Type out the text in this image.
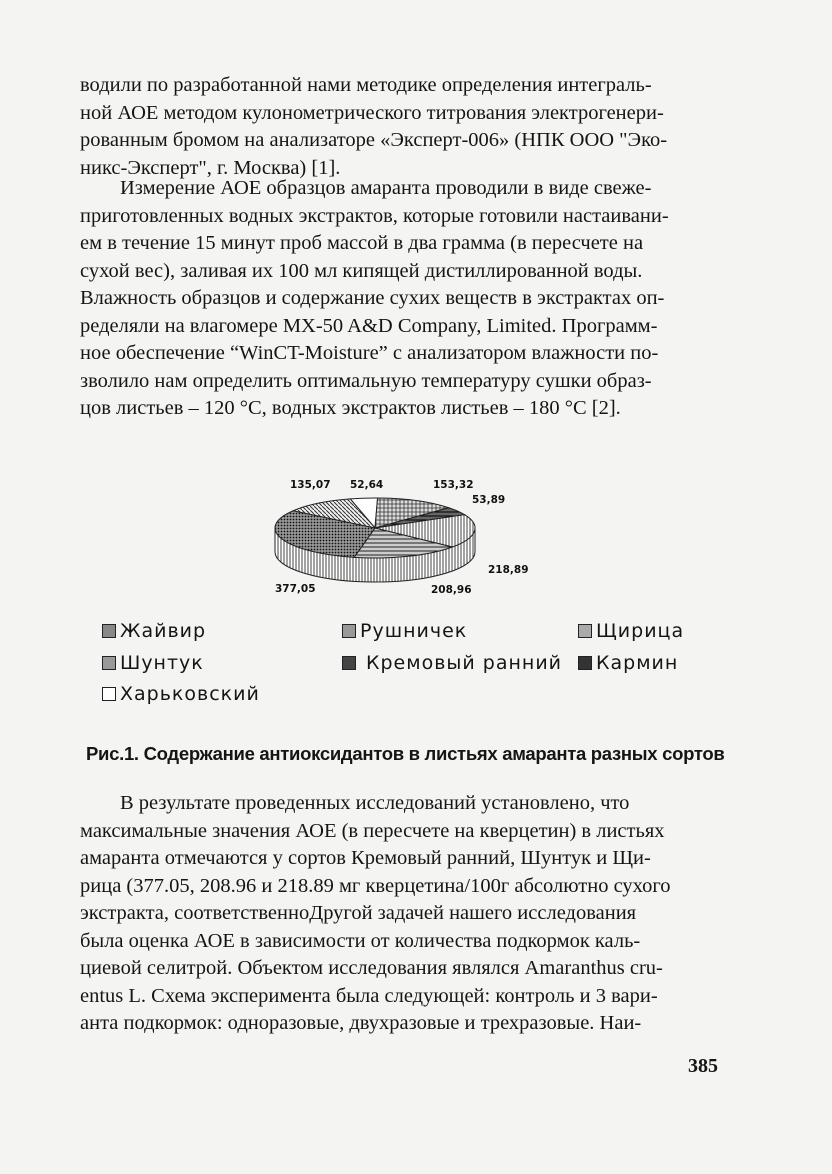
водили по разработанной нами методике определения интеграль-
ной АОЕ методом кулонометрического титрования электрогенери-
рованным бромом на анализаторе «Эксперт-006» (НПК ООО "Эко-
никс-Эксперт", г. Москва) [1].
Измерение АОЕ образцов амаранта проводили в виде свеже-
приготовленных водных экстрактов, которые готовили настаивани-
ем в течение 15 минут проб массой в два грамма (в пересчете на
сухой вес), заливая их 100 мл кипящей дистиллированной воды.
Влажность образцов и содержание сухих веществ в экстрактах оп-
ределяли на влагомере MX-50 A&D Company, Limited. Программ-
ное обеспечение “WinCT-Moisture” с анализатором влажности по-
зволило нам определить оптимальную температуру сушки образ-
цов листьев – 120 °С, водных экстрактов листьев – 180 °С [2].
52,64	153,32
53,89
218,89
208,96
377,05
135,07
Жайвир	Рушничек	Щирица
Шунтук	Кремовый ранний Кармин
Харьковский
Рис.1. Содержание антиоксидантов в листьях амаранта разных сортов
В результате проведенных исследований установлено, что
максимальные значения АОЕ (в пересчете на кверцетин) в листьях
амаранта отмечаются у сортов Кремовый ранний, Шунтук и Щи-
рица (377.05, 208.96 и 218.89 мг кверцетина/100г абсолютно сухого
экстракта, соответственноДругой задачей нашего исследования
была оценка АОЕ в зависимости от количества подкормок каль-
циевой селитрой. Объектом исследования являлся Amaranthus cru-
entus L. Схема эксперимента была следующей: контроль и 3 вари-
анта подкормок: одноразовые, двухразовые и трехразовые. Наи-
385
